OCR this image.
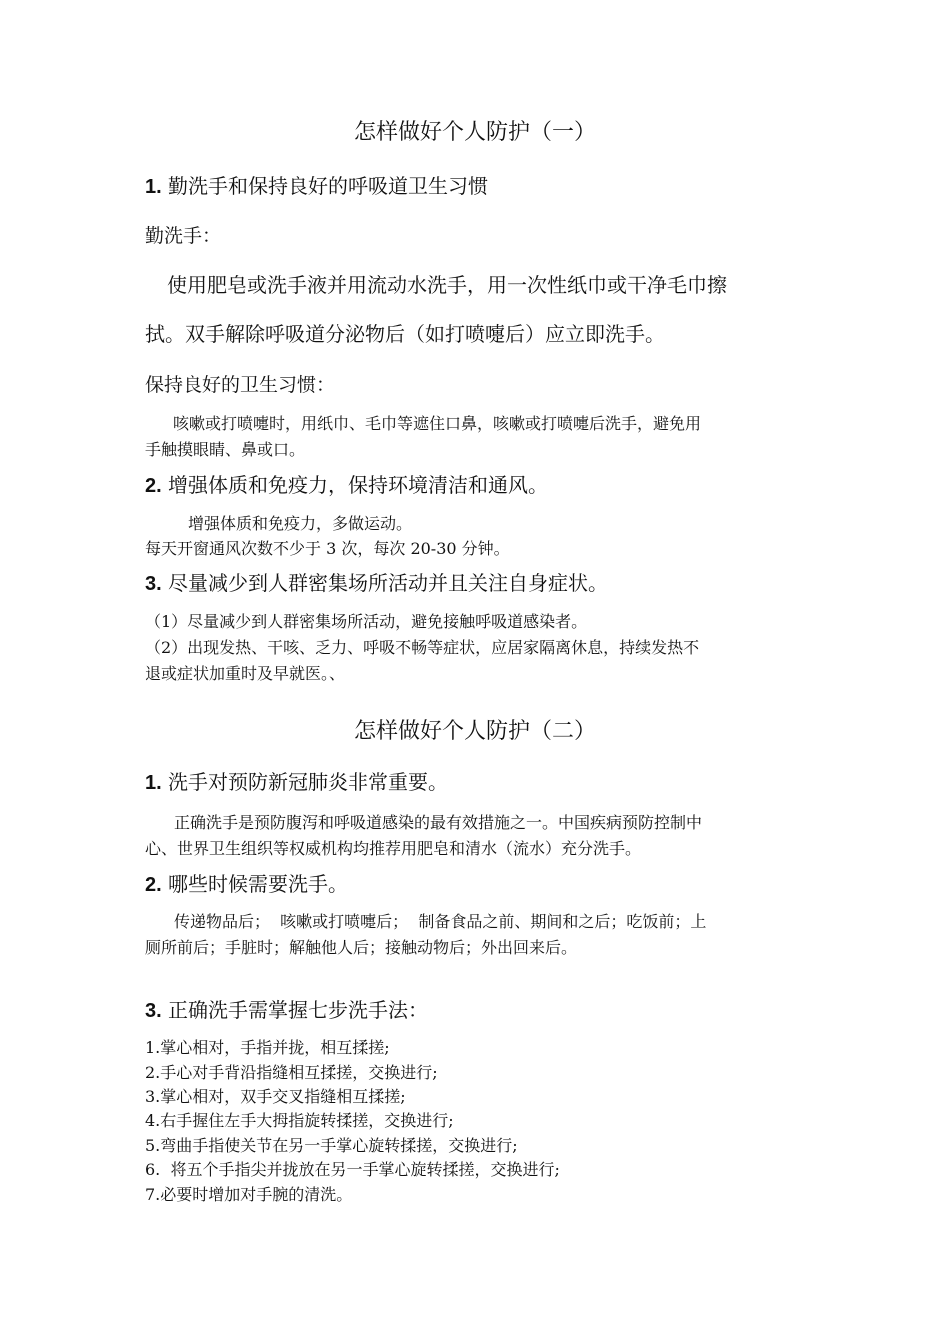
怎样做好个人防护（一）
1. 勤洗手和保持良好的呼吸道卫生习惯
勤洗手：
使用肥皂或洗手液并用流动水洗手，用一次性纸巾或干净毛巾擦
拭。双手解除呼吸道分泌物后（如打喷嚏后）应立即洗手。
保持良好的卫生习惯：
咳嗽或打喷嚏时，用纸巾、毛巾等遮住口鼻，咳嗽或打喷嚏后洗手，避免用
手触摸眼睛、鼻或口。
2. 增强体质和免疫力，保持环境清洁和通风。
增强体质和免疫力，多做运动。
每天开窗通风次数不少于 3 次，每次 20-30 分钟。
3. 尽量减少到人群密集场所活动并且关注自身症状。
（1）尽量减少到人群密集场所活动，避免接触呼吸道感染者。
（2）出现发热、干咳、乏力、呼吸不畅等症状，应居家隔离休息，持续发热不
退或症状加重时及早就医。、
怎样做好个人防护（二）
1. 洗手对预防新冠肺炎非常重要。
正确洗手是预防腹泻和呼吸道感染的最有效措施之一。中国疾病预防控制中
心、世界卫生组织等权威机构均推荐用肥皂和清水（流水）充分洗手。
2. 哪些时候需要洗手。
传递物品后；  咳嗽或打喷嚏后；  制备食品之前、期间和之后；吃饭前；上
厕所前后；手脏时；解触他人后；接触动物后；外出回来后。
3. 正确洗手需掌握七步洗手法：
1.掌心相对，手指并拢，相互揉搓;
2.手心对手背沿指缝相互揉搓，交换进行;
3.掌心相对，双手交叉指缝相互揉搓;
4.右手握住左手大拇指旋转揉搓，交换进行;
5.弯曲手指使关节在另一手掌心旋转揉搓，交换进行;
6.  将五个手指尖并拢放在另一手掌心旋转揉搓，交换进行;
7.必要时增加对手腕的清洗。
